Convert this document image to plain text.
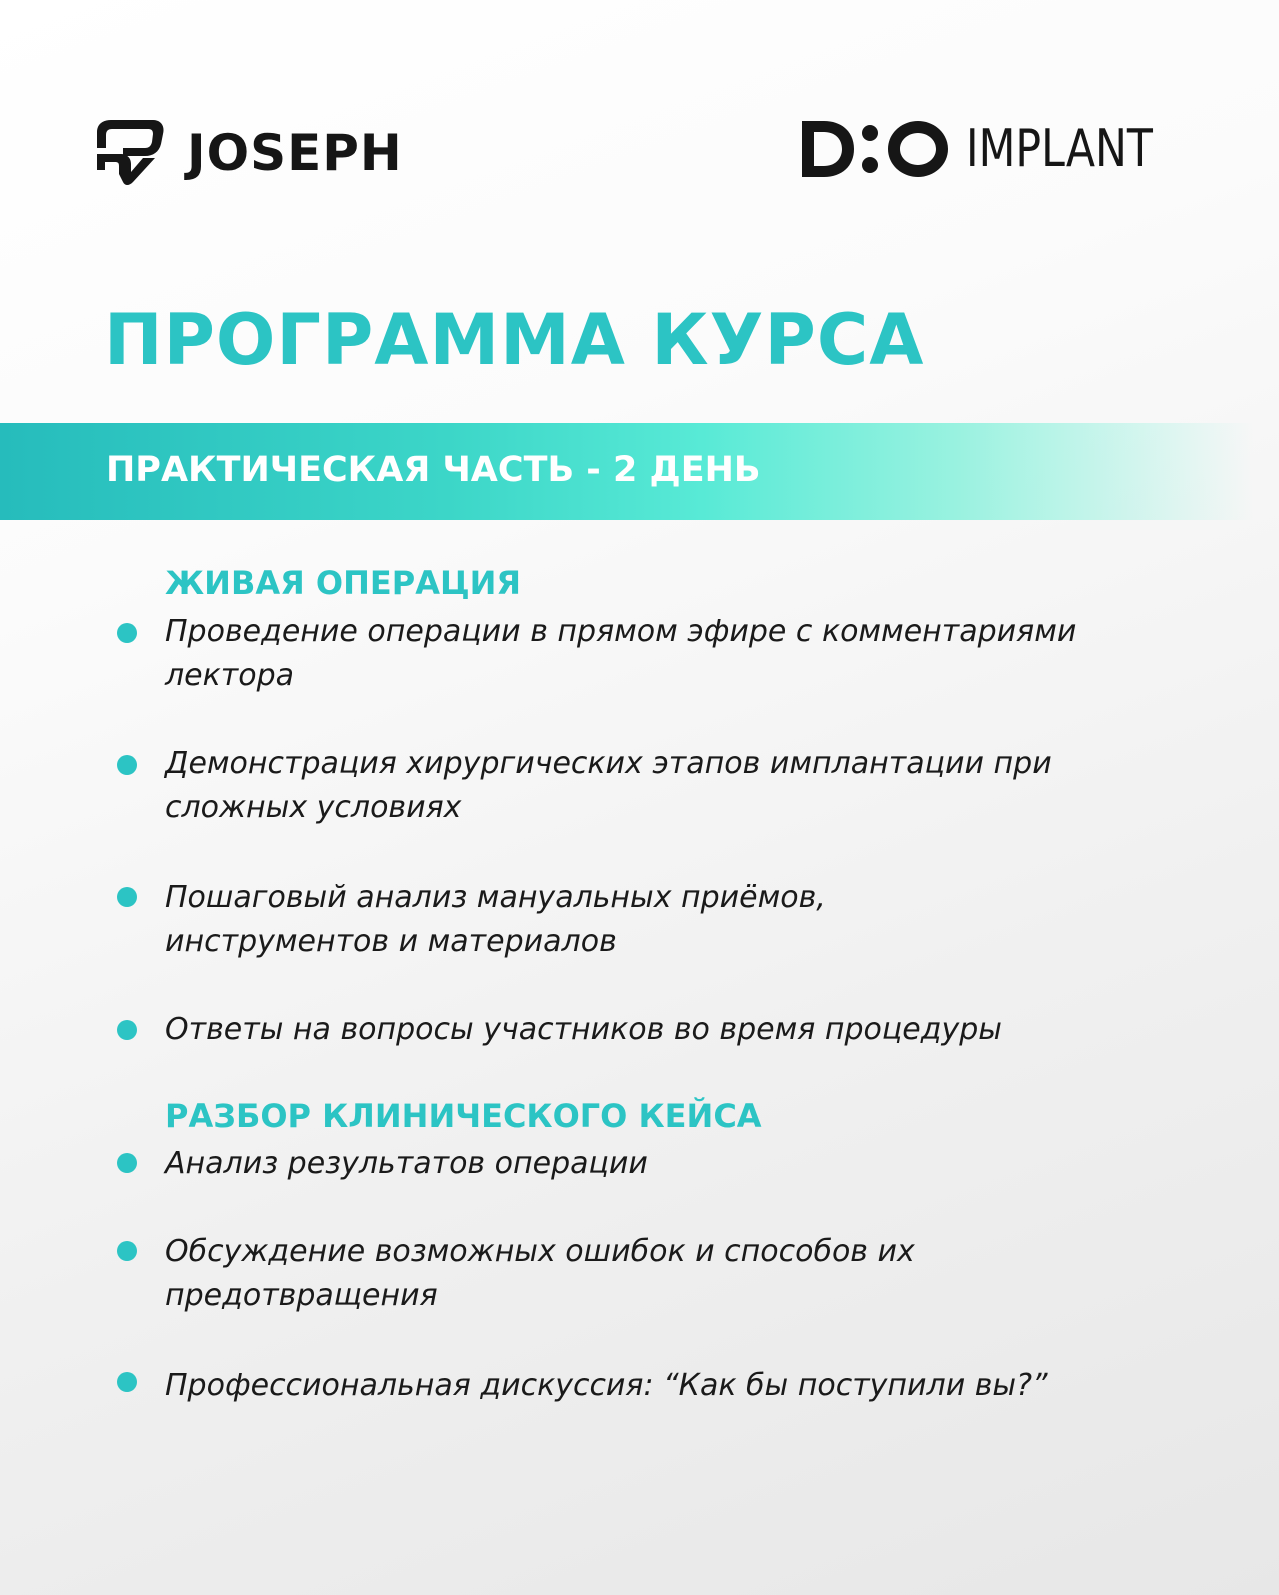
JOSEPH	IMPLANT
ПРОГРАММА КУРСА
ПРАКТИЧЕСКАЯ ЧАСТЬ - 2 ДЕНЬ
ЖИВАЯ ОПЕРАЦИЯ
Проведение операции в прямом эфире с комментариями лектора
Демонстрация хирургических этапов имплантации при сложных условиях
Пошаговый анализ мануальных приёмов, инструментов и материалов
Ответы на вопросы участников во время процедуры
РАЗБОР КЛИНИЧЕСКОГО КЕЙСА
Анализ результатов операции
Обсуждение возможных ошибок и способов их предотвращения
Профессиональная дискуссия: “Как бы поступили вы?”
